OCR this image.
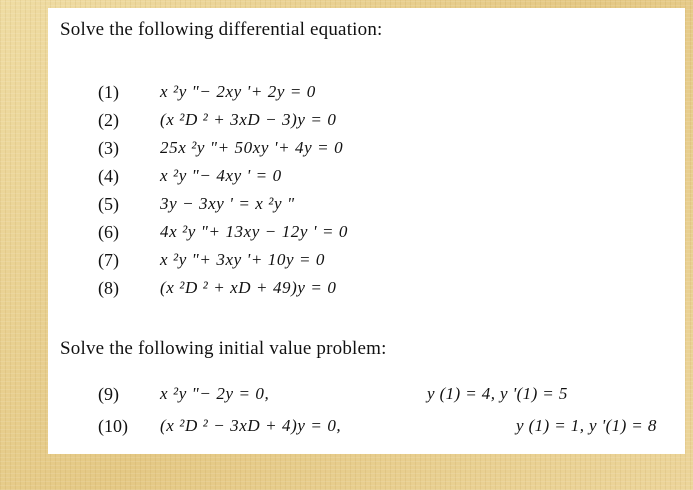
Solve the following differential equation:
(1) x ²y "− 2xy '+ 2y = 0
(2) (x ²D ² + 3xD − 3)y = 0
(3) 25x ²y "+ 50xy '+ 4y = 0
(4) x ²y "− 4xy ' = 0
(5) 3y − 3xy ' = x ²y "
(6) 4x ²y "+ 13xy − 12y ' = 0
(7) x ²y "+ 3xy '+ 10y = 0
(8) (x ²D ² + xD + 49)y = 0
Solve the following initial value problem:
(9) x ²y "− 2y = 0,	y (1) = 4, y '(1) = 5
(10) (x ²D ² − 3xD + 4)y = 0,	y (1) = 1, y '(1) = 8
